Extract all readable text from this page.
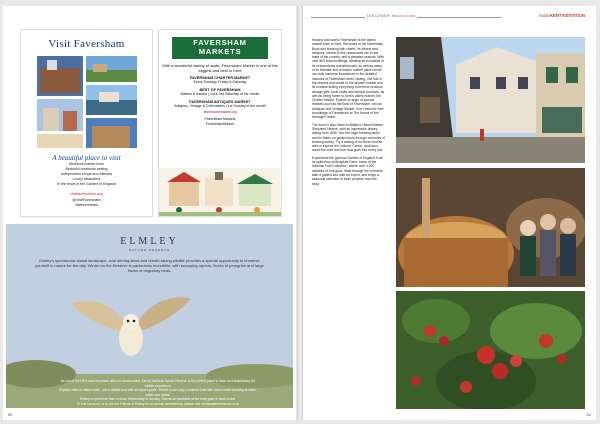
Visit Faversham
A beautiful place to visit
Medieval market town
Beautiful creekside setting
Independent shops and eateries
Lovely attractions
In the heart of the Garden of England
visitfaversham.org
@VisitFaversham
visitfaversham
FAVERSHAM
MARKETS
With a wonderful variety of stalls, Faversham Market is one of the biggest and best in Kent
FAVERSHAM CHARTER MARKET
Every Tuesday, Friday & Saturday
BEST OF FAVERSHAM
Makers & traders | 1st & 3rd Saturday of the month
FAVERSHAM ANTIQUES MARKET
Antiques, Vintage & Collectables | 1st Sunday of the month
favershammarket.org
Faversham Markets
FavershamMarket
ELMLEY
NATURE RESERVE
Elmley's spectacular island landscape, soul stirring skies and breath-taking wildlife provides a special opportunity to immerse yourself in nature for the day. Winter on the Reserve is particularly incredible, with swooping raptors, flocks of peregrine and large flocks of migratory birds.
As one of the UK's most important sites for conservation, Elmley National Nature Reserve is the perfect place to have an extraordinary UK wildlife experience.
Explore miles of nature trails - join a wildlife tour with an expert guide - Refuel in our cosy Cowshed Cafe with home-made warming lunches, cakes and drinks.
Elmley is open from 9am to dusk, Wednesday to Sunday. Tickets are available at the entry gate or book online.
To find out more, or to join the Friends of Elmley for an annual membership, please visit: elmleynaturereserve.co.uk
50
DISCOVER Sussex coast	insideKENTVISITATION

Historic and scenic Faversham is the oldest market town in Kent. Recorded in the Domesday Book and bursting with charm, its streets and antiques, retreat to fine restaurants are a real taste of the country, and a pleasant seaside. With over 500 listed buildings, stroking an evocative of its extraordinary industrial past, as well as many of its intimate and a historic market place centre can fully immerse themselves in the detailed histories of Faversham when visiting. Get lost in the charms and bustle of the ancient market and its endless selling everything from fresh produce, vintage gifts, local crafts and antique products, as well as being home to Kent's oldest market, the Charter Market. Explore a range of special markets such as the Best of Faversham, and an Antiques and Vintage Market. Don't miss the free knowledge of Faversham at The House of the Heritage Centre.

The town is also home to Britain's Oldest Brewer, Shepherd Neame, with an impressive history dating from 1698. See the huge brewing tanks and be taken on guided tours through centuries of brewing history. Try a tasting of its finest Kentish ales or explore the Visitors' Centre, and learn about the craft and love that goes into every pint.

Experience the glorious Garden of England in all its splendour at Brogdale Farm, home of the National Fruit Collection, where over 4,000 varieties of fruit grow. Walk through the orchards, take a guided tour with an expert, and enjoy a seasonal selection of fresh produce from the shop.

51
